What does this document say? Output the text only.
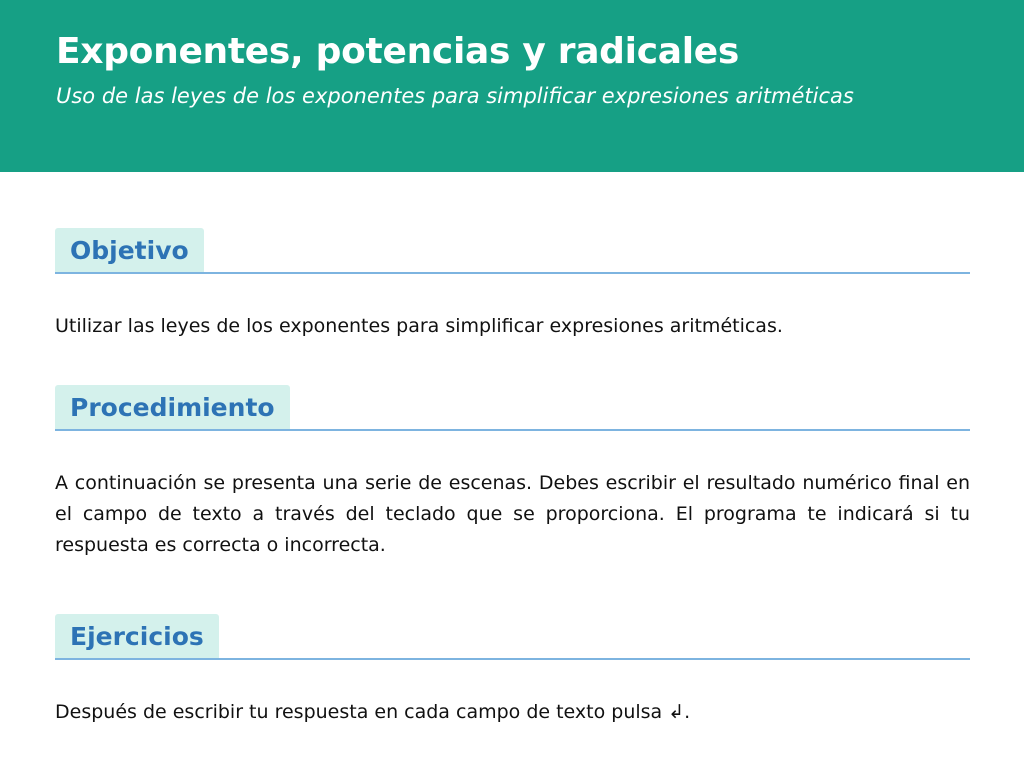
Exponentes, potencias y radicales

Uso de las leyes de los exponentes para simplificar expresiones aritméticas

Objetivo

Utilizar las leyes de los exponentes para simplificar expresiones aritméticas.

Procedimiento

A continuación se presenta una serie de escenas. Debes escribir el resultado numérico final en el campo de texto a través del teclado que se proporciona. El programa te indicará si tu respuesta es correcta o incorrecta.

Ejercicios

Después de escribir tu respuesta en cada campo de texto pulsa ↲.
